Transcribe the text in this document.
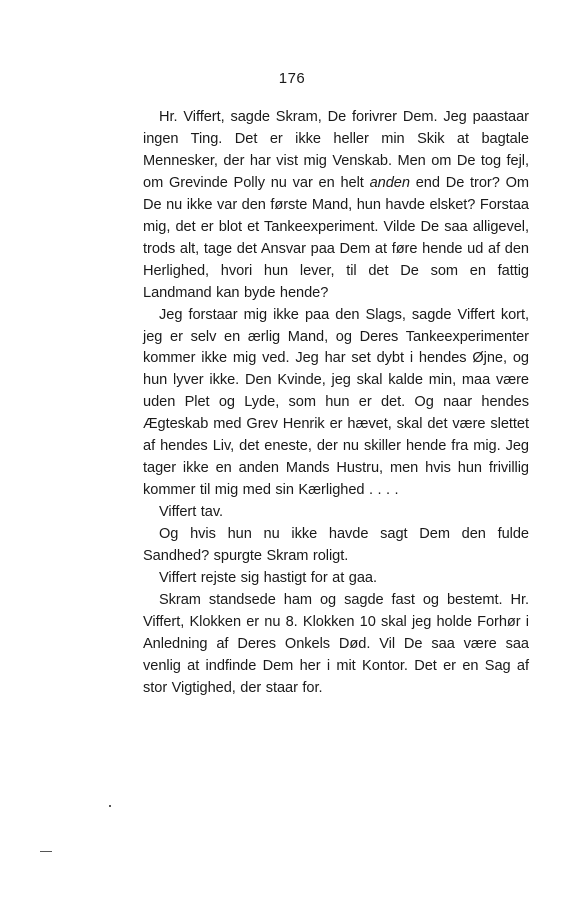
176

Hr. Viffert, sagde Skram, De forivrer Dem. Jeg paastaar ingen Ting. Det er ikke heller min Skik at bagtale Mennesker, der har vist mig Venskab. Men om De tog fejl, om Grevinde Polly nu var en helt anden end De tror? Om De nu ikke var den første Mand, hun havde elsket? Forstaa mig, det er blot et Tankeexperiment. Vilde De saa alligevel, trods alt, tage det Ansvar paa Dem at føre hende ud af den Herlighed, hvori hun lever, til det De som en fattig Landmand kan byde hende?

Jeg forstaar mig ikke paa den Slags, sagde Viffert kort, jeg er selv en ærlig Mand, og Deres Tankeexperimenter kommer ikke mig ved. Jeg har set dybt i hendes Øjne, og hun lyver ikke. Den Kvinde, jeg skal kalde min, maa være uden Plet og Lyde, som hun er det. Og naar hendes Ægteskab med Grev Henrik er hævet, skal det være slettet af hendes Liv, det eneste, der nu skiller hende fra mig. Jeg tager ikke en anden Mands Hustru, men hvis hun frivillig kommer til mig med sin Kærlighed . . . .

Viffert tav.

Og hvis hun nu ikke havde sagt Dem den fulde Sandhed? spurgte Skram roligt.

Viffert rejste sig hastigt for at gaa.

Skram standsede ham og sagde fast og bestemt. Hr. Viffert, Klokken er nu 8. Klokken 10 skal jeg holde Forhør i Anledning af Deres Onkels Død. Vil De saa være saa venlig at indfinde Dem her i mit Kontor. Det er en Sag af stor Vigtighed, der staar for.
